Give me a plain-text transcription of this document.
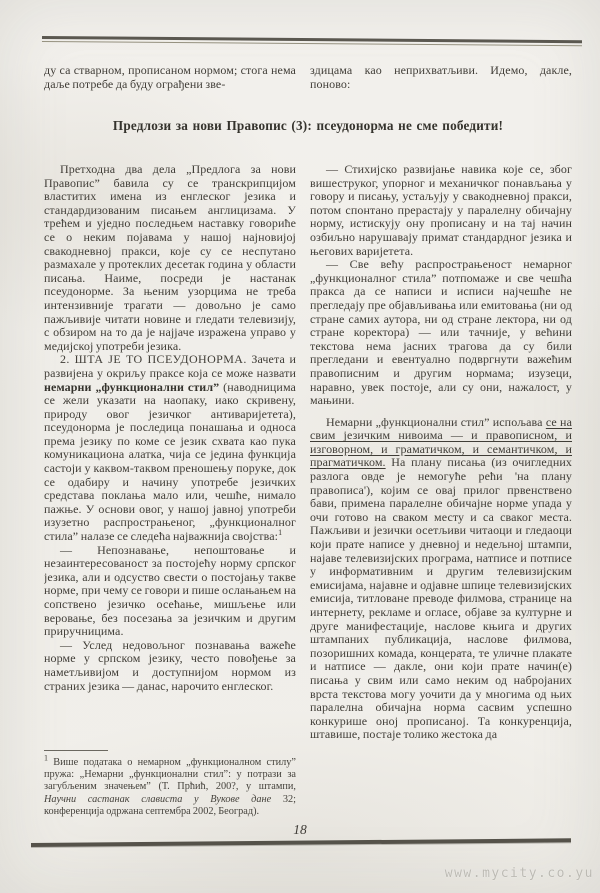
ду са стварном, прописаном нормом; стога нема даље потребе да буду ограђени зве-

здицама као неприхватљиви. Идемо, дакле, поново:

Предлози за нови Правопис (3): псеудонорма не сме победити!

Претходна два дела „Предлога за нови Правопис” бавила су се транскрипцијом властитих имена из енглеског језика и стандардизованим писањем англицизама. У трећем и уједно последњем наставку говориће се о неким појавама у нашој најновијој свакодневној пракси, које су се неспутано размахале у протеклих десетак година у области писања. Наиме, посреди је настанак псеудонорме. За њеним узорцима не треба интензивније трагати — довољно је само пажљивије читати новине и гледати телевизију, с обзиром на то да је најјаче изражена управо у медијској употреби језика.

2. ШТА ЈЕ ТО ПСЕУДОНОРМА. Зачета и развијена у окриљу праксе која се може назвати немарни „функционални стил” (наводницима се жели указати на наопаку, иако скривену, природу овог језичког антиваријетета), псеудонорма је последица понашања и односа према језику по коме се језик схвата као пука комуникациона алатка, чија се једина функција састоји у каквом-таквом преношењу поруке, док се одабиру и начину употребе језичких средстава поклања мало или, чешће, нимало пажње. У основи овог, у нашој јавној употреби изузетно распрострањеног, „функционалног стила” налазе се следећа најважнија својства:$^1$

— Непознавање, непоштовање и незаинтересованост за постојећу норму српског језика, али и одсуство свести о постојању такве норме, при чему се говори и пише ослањањем на сопствено језичко осећање, мишљење или веровање, без посезања за језичким и другим приручницима.

— Услед недовољног познавања важеће норме у српском језику, често повођење за наметљивијом и доступнијом нормом из страних језика — данас, нарочито енглеског.

— Стихијско развијање навика које се, због вишеструког, упорног и механичког понављања у говору и писању, устаљују у свакодневној пракси, потом спонтано прерастају у паралелну обичајну норму, истискују ону прописану и на тај начин озбиљно нарушавају примат стандардног језика и његових варијетета.

— Све већу распрострањеност немарног „функционалног стила” потпомаже и све чешћа пракса да се написи и исписи најчешће не прегледају пре објављивања или емитовања (ни од стране самих аутора, ни од стране лектора, ни од стране коректора) — или тачније, у већини текстова нема јасних трагова да су били прегледани и евентуално подвргнути важећим правописним и другим нормама; изузеци, наравно, увек постоје, али су они, нажалост, у мањини.

Немарни „функционални стил” испољава се на свим језичким нивоима — и правописном, и изговорном, и граматичком, и семантичком, и прагматичком. На плану писања (из очигледних разлога овде је немогуће рећи 'на плану правописа'), којим се овај прилог првенствено бави, примена паралелне обичајне норме упада у очи готово на сваком месту и са сваког места. Пажљиви и језички осетљиви читаоци и гледаоци који прате написе у дневној и недељној штампи, најаве телевизијских програма, натписе и потписе у информативним и другим телевизијским емисијама, најавне и одјавне шпице телевизијских емисија, титловане преводе филмова, странице на интернету, рекламе и огласе, објаве за културне и друге манифестације, наслове књига и других штампаних публикација, наслове филмова, позоришних комада, концерата, те уличне плакате и натписе — дакле, они који прате начин(е) писања у свим или само неким од набројаних врста текстова могу уочити да у многима од њих паралелна обичајна норма сасвим успешно конкурише оној прописаној. Та конкуренција, штавише, постаје толико жестока да

$^1$ Више података о немарном „функционалном стилу” пружа: „Немарни „функционални стил”: у потрази за загубљеним значењем” (Т. Прћић, 200?, у штампи, Научни састанак слависта у Вукове дане 32; конференција одржана септембра 2002, Београд).

18
www.mycity.co.yu
